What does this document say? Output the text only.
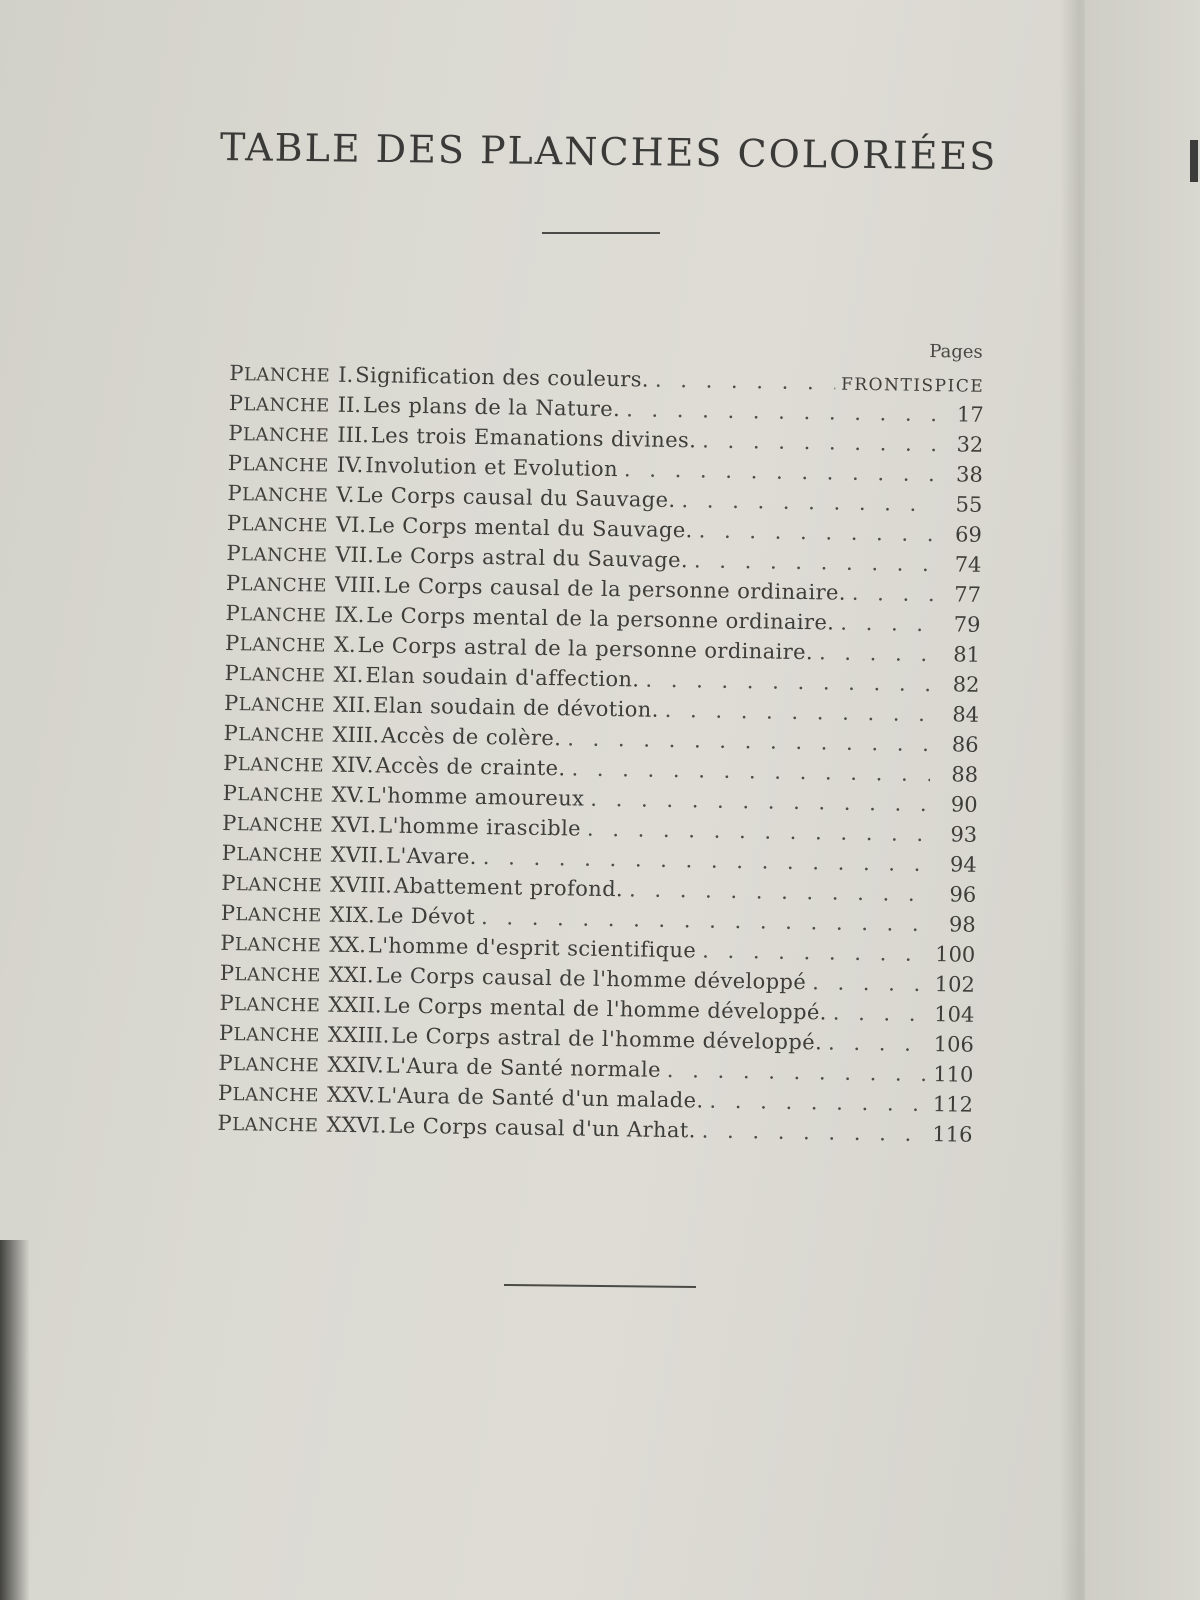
TABLE DES PLANCHES COLORIÉES
Pages
PLANCHE I. Signification des couleurs. . . .	FRONTISPICE
PLANCHE II. Les plans de la Nature. . . .	17
PLANCHE III. Les trois Emanations divines. . . .	32
PLANCHE IV. Involution et Evolution . . .	38
PLANCHE V. Le Corps causal du Sauvage. . . .	55
PLANCHE VI. Le Corps mental du Sauvage. . . .	69
PLANCHE VII. Le Corps astral du Sauvage. . . .	74
PLANCHE VIII. Le Corps causal de la personne ordinaire. . . .	77
PLANCHE IX. Le Corps mental de la personne ordinaire. . . .	79
PLANCHE X. Le Corps astral de la personne ordinaire. . . .	81
PLANCHE XI. Elan soudain d'affection. . . .	82
PLANCHE XII. Elan soudain de dévotion. . . .	84
PLANCHE XIII. Accès de colère. . . .	86
PLANCHE XIV. Accès de crainte. . . .	88
PLANCHE XV. L'homme amoureux . . .	90
PLANCHE XVI. L'homme irascible . . .	93
PLANCHE XVII. L'Avare. . . .	94
PLANCHE XVIII. Abattement profond. . . .	96
PLANCHE XIX. Le Dévot . . .	98
PLANCHE XX. L'homme d'esprit scientifique . . .	100
PLANCHE XXI. Le Corps causal de l'homme développé . . .	102
PLANCHE XXII. Le Corps mental de l'homme développé. . . .	104
PLANCHE XXIII. Le Corps astral de l'homme développé. . . .	106
PLANCHE XXIV. L'Aura de Santé normale . . .	110
PLANCHE XXV. L'Aura de Santé d'un malade. . . .	112
PLANCHE XXVI. Le Corps causal d'un Arhat. . . .	116
